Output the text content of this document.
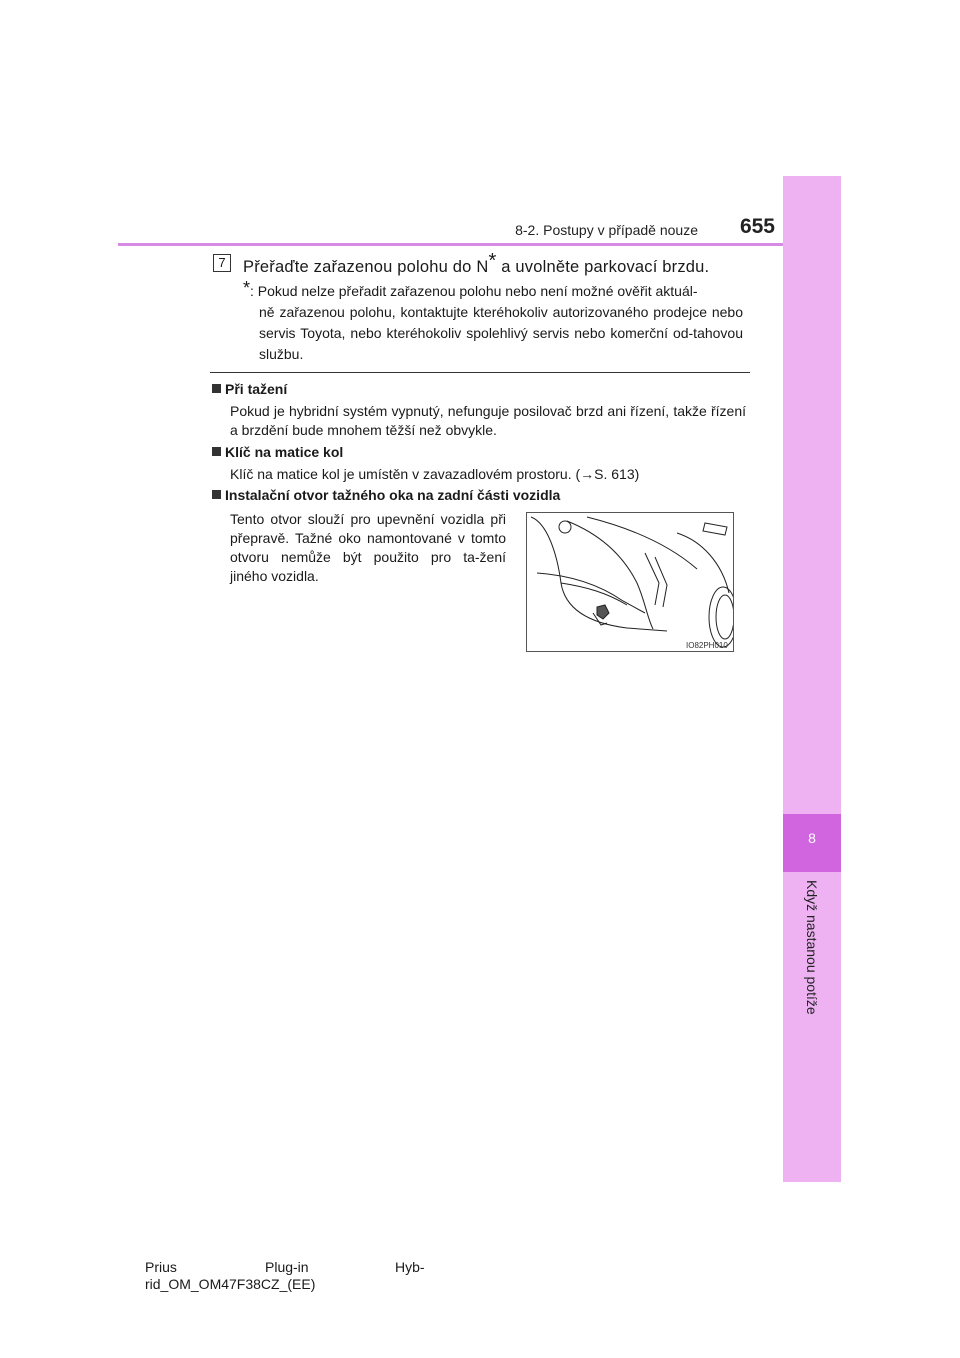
8
Když nastanou potíže
8-2. Postupy v případě nouze 655
7	Přeřaďte zařazenou polohu do N* a uvolněte parkovací brzdu.
*: Pokud nelze přeřadit zařazenou polohu nebo není možné ověřit aktuál-
ně zařazenou polohu, kontaktujte kteréhokoliv autorizovaného prodejce nebo servis Toyota, nebo kteréhokoliv spolehlivý servis nebo komerční od-tahovou službu.
Při tažení
Pokud je hybridní systém vypnutý, nefunguje posilovač brzd ani řízení, takže řízení a brzdění bude mnohem těžší než obvykle.
Klíč na matice kol
Klíč na matice kol je umístěn v zavazadlovém prostoru. (→S. 613)
Instalační otvor tažného oka na zadní části vozidla
Tento otvor slouží pro upevnění vozidla při přepravě. Tažné oko namontované v tomto otvoru nemůže být použito pro ta-žení jiného vozidla.
IO82PH010
Prius	Plug-in	Hyb-
rid_OM_OM47F38CZ_(EE)
